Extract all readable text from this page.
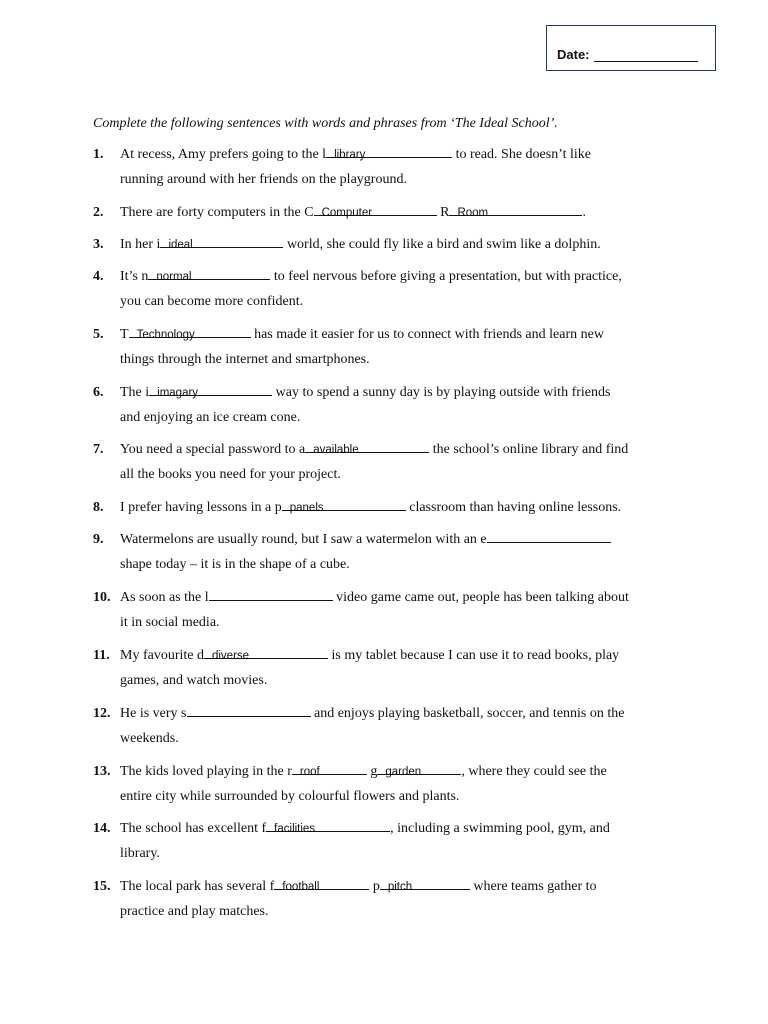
Date:
Complete the following sentences with words and phrases from ‘The Ideal School’.
1. At recess, Amy prefers going to the l library	to read. She doesn’t like
running around with her friends on the playground.
2. There are forty computers in the C Computer	R Room	.
3. In her i ideal	world, she could fly like a bird and swim like a dolphin.
4. It’s n normal	to feel nervous before giving a presentation, but with practice,
you can become more confident.
5. T Technology	has made it easier for us to connect with friends and learn new
things through the internet and smartphones.
6. The i imagary	way to spend a sunny day is by playing outside with friends
and enjoying an ice cream cone.
7. You need a special password to a available	the school’s online library and find
all the books you need for your project.
8. I prefer having lessons in a p panels	classroom than having online lessons.
9. Watermelons are usually round, but I saw a watermelon with an e
shape today – it is in the shape of a cube.
10. As soon as the l	video game came out, people has been talking about
it in social media.
11. My favourite d diverse	is my tablet because I can use it to read books, play
games, and watch movies.
12. He is very s	and enjoys playing basketball, soccer, and tennis on the
weekends.
13. The kids loved playing in the r roof	g garden	, where they could see the
entire city while surrounded by colourful flowers and plants.
14. The school has excellent f facilities	, including a swimming pool, gym, and
library.
15. The local park has several f football	p pitch	where teams gather to
practice and play matches.
